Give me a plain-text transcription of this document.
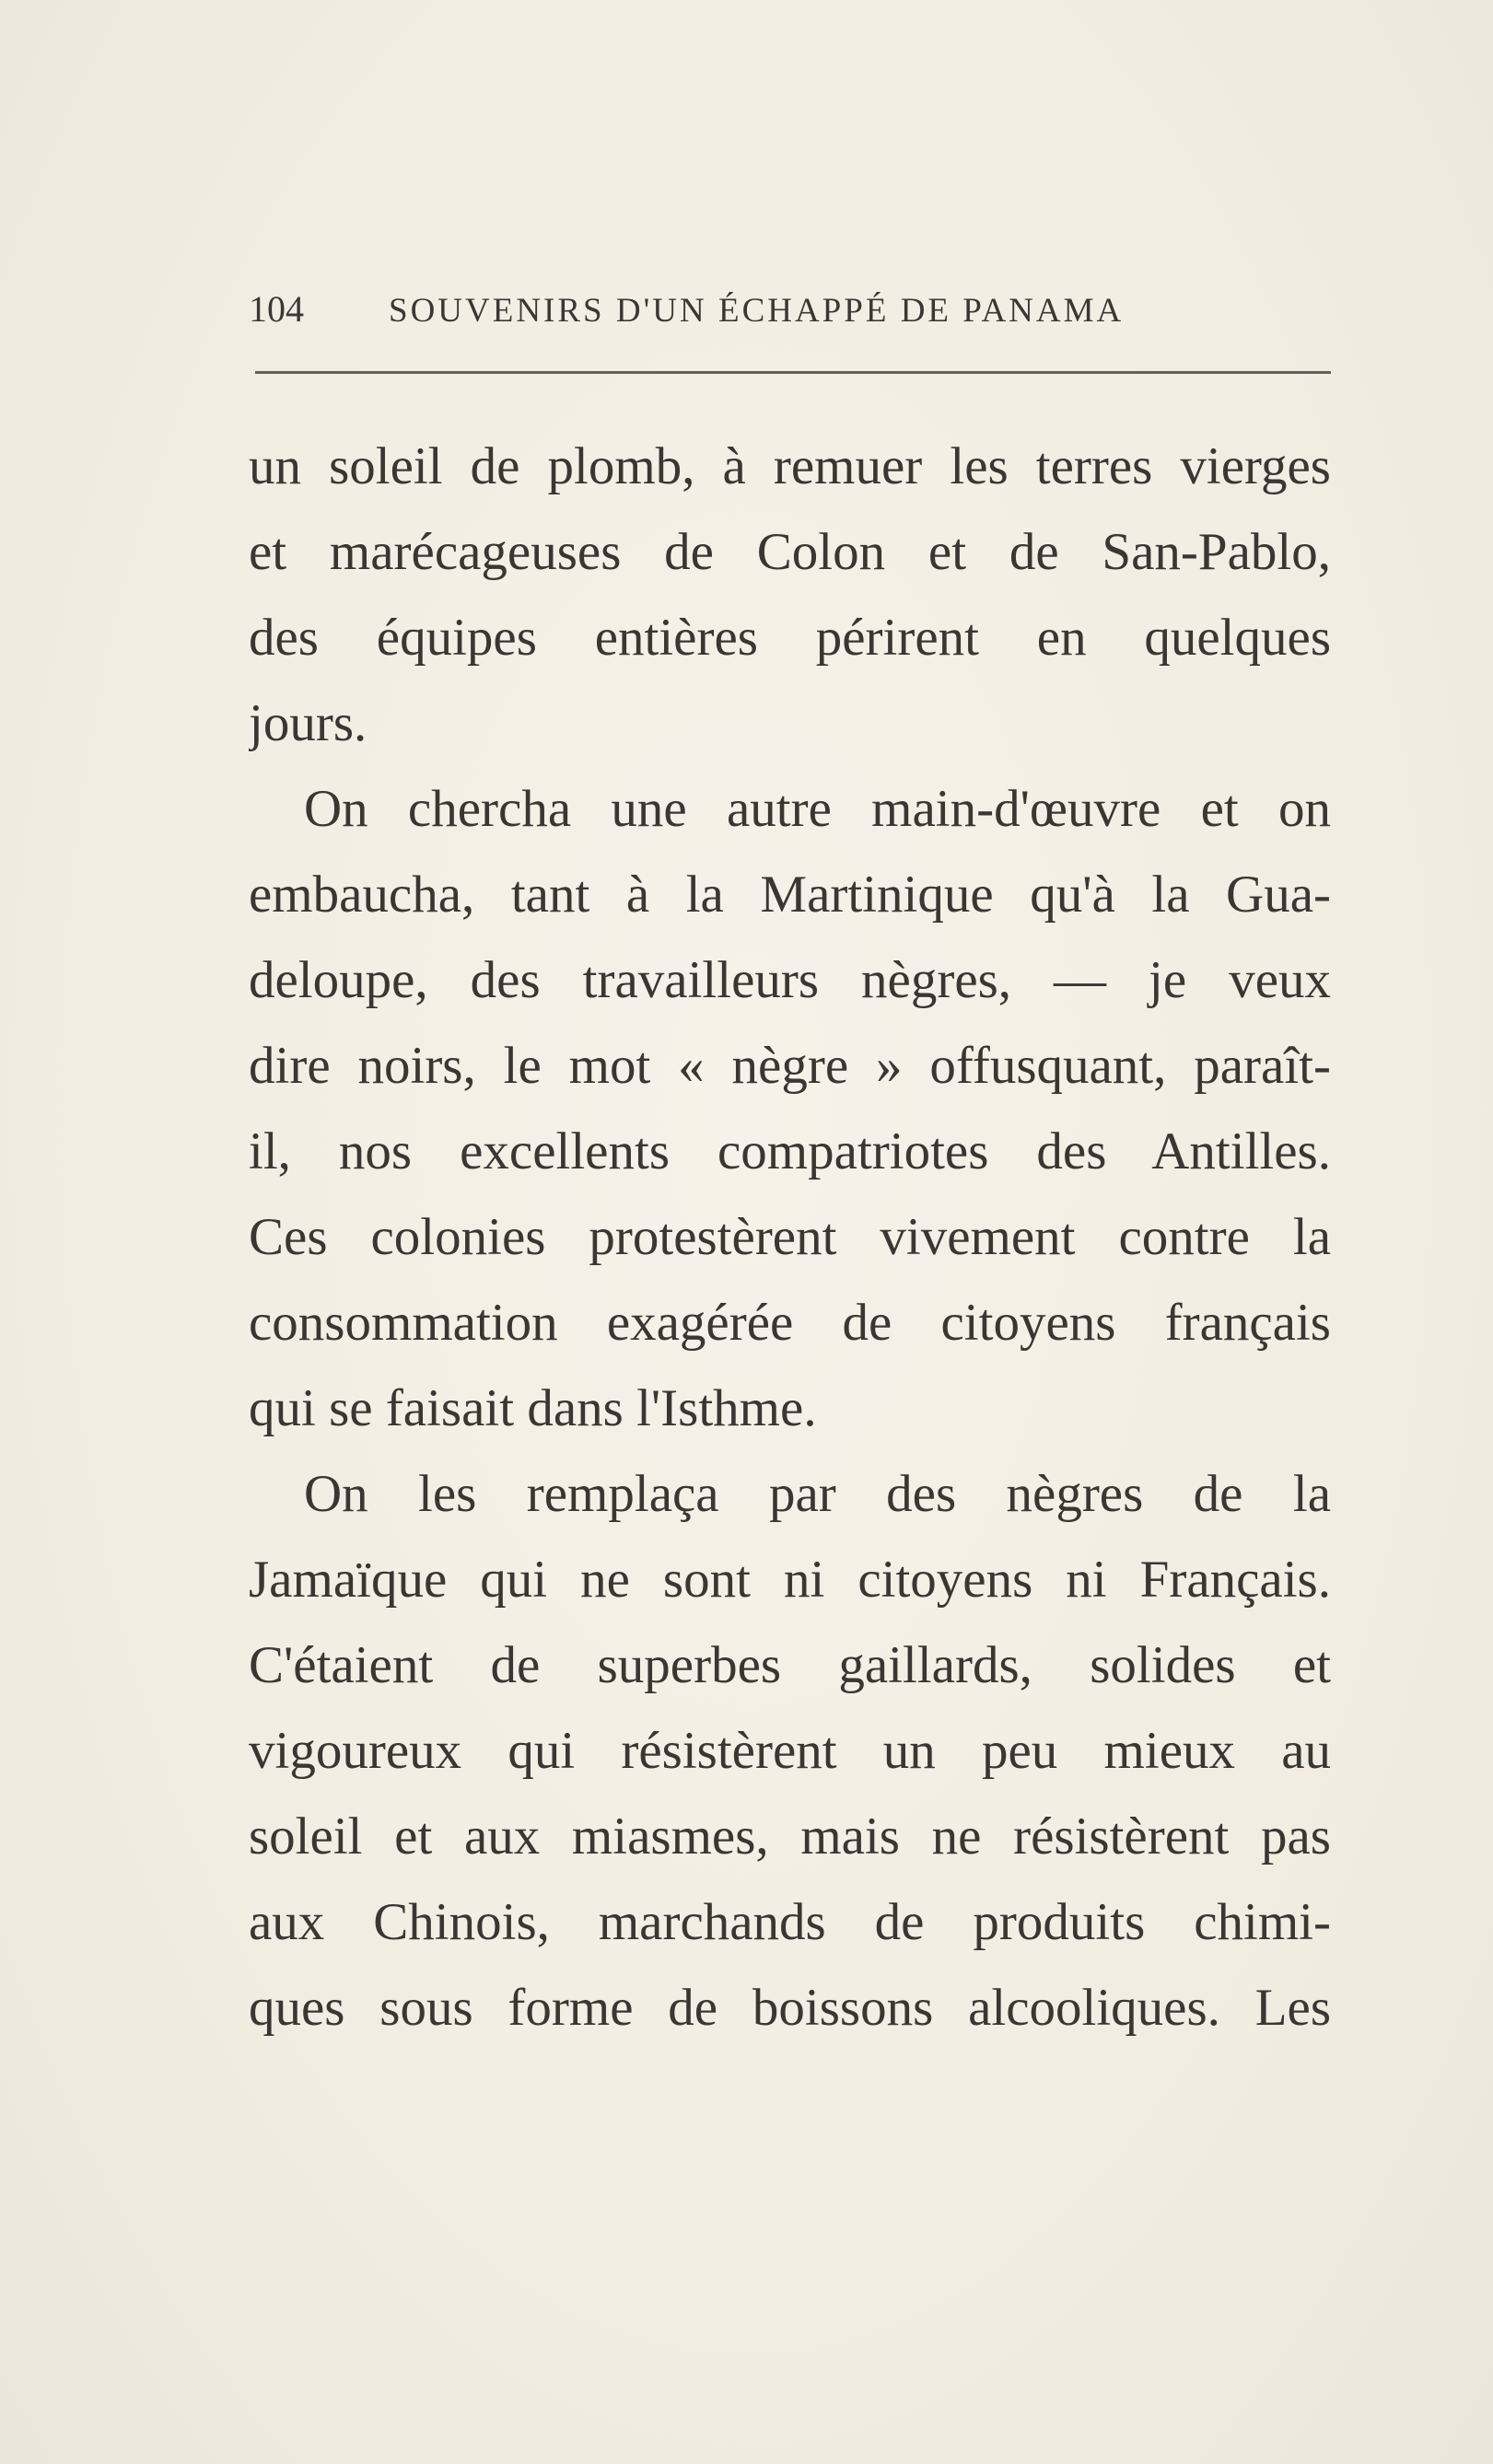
104 SOUVENIRS D'UN ÉCHAPPÉ DE PANAMA
un soleil de plomb, à remuer les terres vierges
et marécageuses de Colon et de San-Pablo,
des équipes entières périrent en quelques
jours.
On chercha une autre main-d'œuvre et on
embaucha, tant à la Martinique qu'à la Gua-
deloupe, des travailleurs nègres, — je veux
dire noirs, le mot « nègre » offusquant, paraît-
il, nos excellents compatriotes des Antilles.
Ces colonies protestèrent vivement contre la
consommation exagérée de citoyens français
qui se faisait dans l'Isthme.
On les remplaça par des nègres de la
Jamaïque qui ne sont ni citoyens ni Français.
C'étaient de superbes gaillards, solides et
vigoureux qui résistèrent un peu mieux au
soleil et aux miasmes, mais ne résistèrent pas
aux Chinois, marchands de produits chimi-
ques sous forme de boissons alcooliques. Les
